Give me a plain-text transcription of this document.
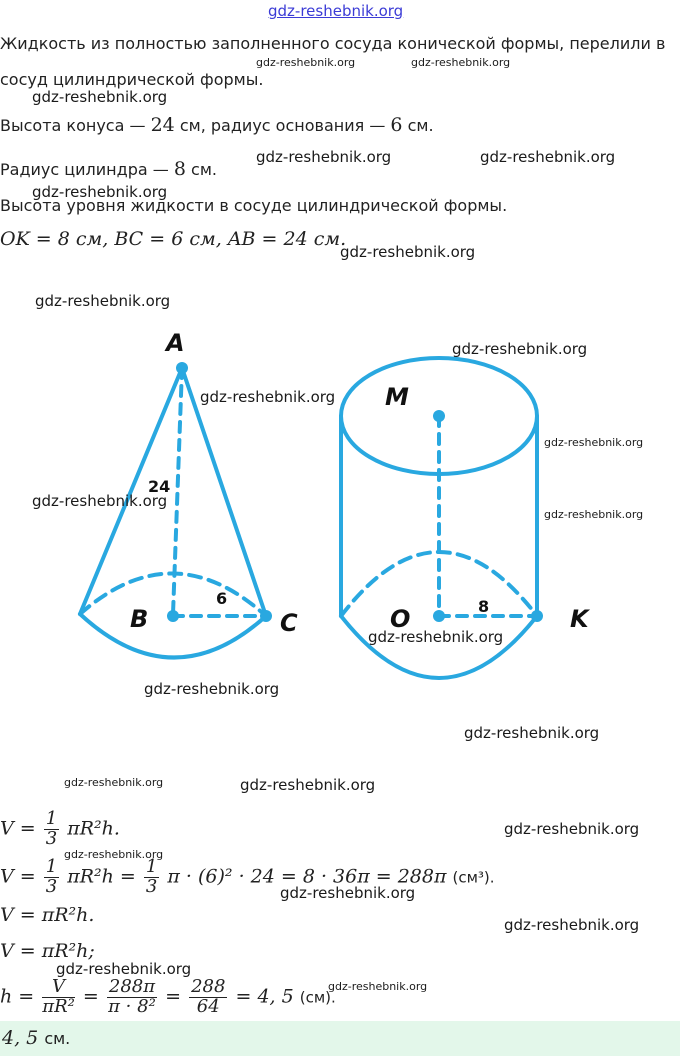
gdz-reshebnik.org
Жидкость из полностью заполненного сосуда конической формы, перелили в
сосуд цилиндрической формы.
Высота конуса — 24 см, радиус основания — 6 см.
Радиус цилиндра — 8 см.
Высота уровня жидкости в сосуде цилиндрической формы.
OK = 8 см, BC = 6 см, AB = 24 см.
A
B	C
24
6
M
O	K
8
$V = \frac{1}{3} \pi R^2h$.
$V = \frac{1}{3} \pi R^2h = \frac{1}{3}$ π · (6)² · 24 = 8 · 36π = 288π (см³).
V = πR²h.
V = πR²h;
$h = \frac{V}{\text{πR²}} = \frac{288\pi}{\text{π · 8²}} = \frac{288}{64} = 4$, 5 (см).
4, 5 см.
gdz-reshebnik.org	gdz-reshebnik.org
gdz-reshebnik.org
gdz-reshebnik.org	gdz-reshebnik.org
gdz-reshebnik.org
gdz-reshebnik.org
gdz-reshebnik.org
gdz-reshebnik.org
gdz-reshebnik.org
gdz-reshebnik.org
gdz-reshebnik.org
gdz-reshebnik.org
gdz-reshebnik.org
gdz-reshebnik.org
gdz-reshebnik.org
gdz-reshebnik.org	gdz-reshebnik.org
gdz-reshebnik.org
gdz-reshebnik.org
gdz-reshebnik.org
gdz-reshebnik.org
gdz-reshebnik.org
gdz-reshebnik.org
